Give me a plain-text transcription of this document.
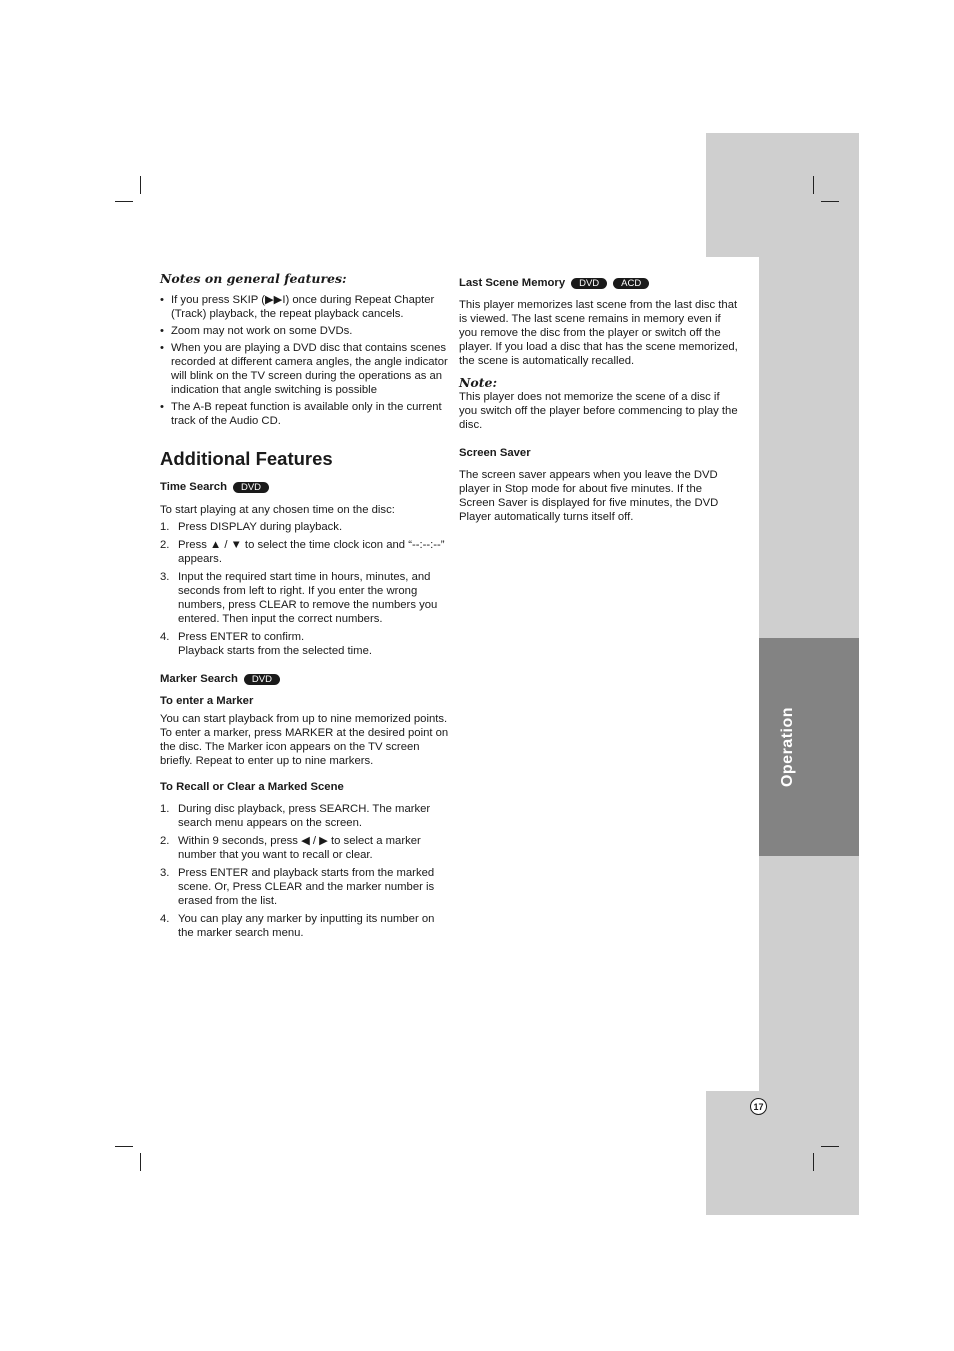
Operation
17
Notes on general features:
• If you press SKIP (▶▶I) once during Repeat Chapter (Track) playback, the repeat playback cancels.
• Zoom may not work on some DVDs.
• When you are playing a DVD disc that contains scenes recorded at different camera angles, the angle indicator will blink on the TV screen during the operations as an indication that angle switching is possible
• The A-B repeat function is available only in the current track of the Audio CD.
Additional Features
Time Search	DVD

To start playing at any chosen time on the disc:

1. Press DISPLAY during playback.
2. Press ▲ / ▼ to select the time clock icon and “--:--:--” appears.
3. Input the required start time in hours, minutes, and seconds from left to right. If you enter the wrong numbers, press CLEAR to remove the numbers you entered. Then input the correct numbers.
4. Press ENTER to confirm.
Playback starts from the selected time.
Marker Search	DVD
To enter a Marker

You can start playback from up to nine memorized points. To enter a marker, press MARKER at the desired point on the disc. The Marker icon appears on the TV screen briefly. Repeat to enter up to nine markers.

To Recall or Clear a Marked Scene
1. During disc playback, press SEARCH. The marker search menu appears on the screen.
2. Within 9 seconds, press ◀ / ▶ to select a marker number that you want to recall or clear.
3. Press ENTER and playback starts from the marked scene. Or, Press CLEAR and the marker number is erased from the list.
4. You can play any marker by inputting its number on the marker search menu.
Last Scene Memory	DVD	ACD

This player memorizes last scene from the last disc that is viewed. The last scene remains in memory even if you remove the disc from the player or switch off the player. If you load a disc that has the scene memorized, the scene is automatically recalled.

Note:

This player does not memorize the scene of a disc if you switch off the player before commencing to play the disc.

Screen Saver

The screen saver appears when you leave the DVD player in Stop mode for about five minutes. If the Screen Saver is displayed for five minutes, the DVD Player automatically turns itself off.
